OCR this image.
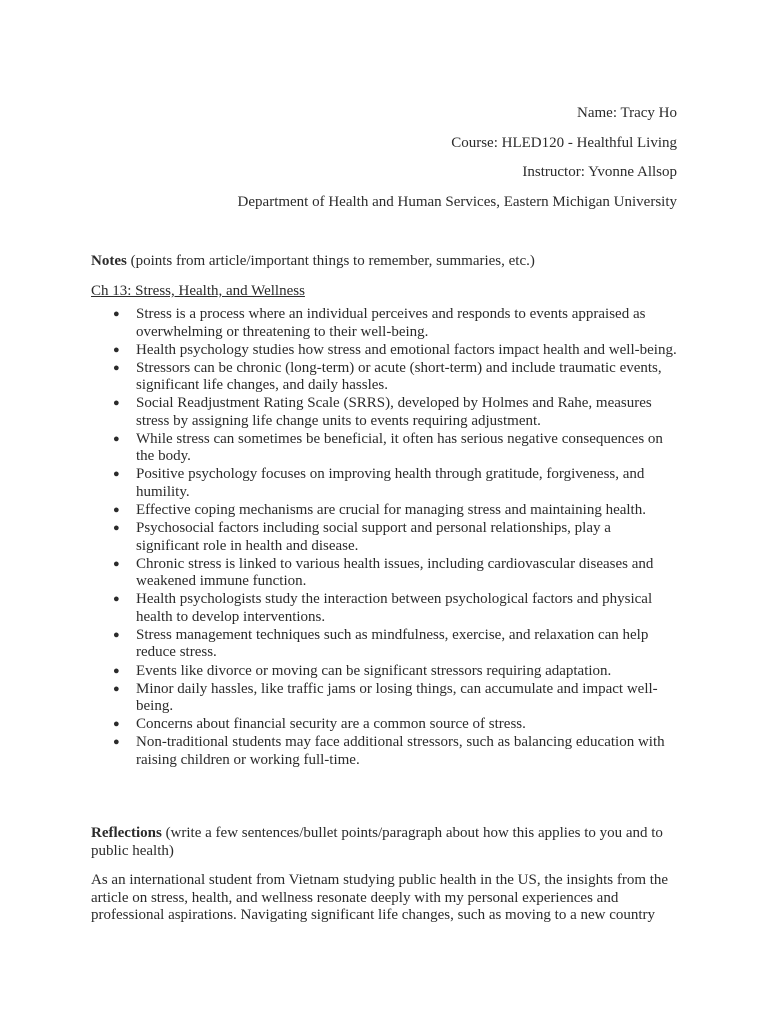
Name: Tracy Ho
Course: HLED120 - Healthful Living
Instructor: Yvonne Allsop
Department of Health and Human Services, Eastern Michigan University
Notes (points from article/important things to remember, summaries, etc.)
Ch 13: Stress, Health, and Wellness
● Stress is a process where an individual perceives and responds to events appraised as overwhelming or threatening to their well-being.
● Health psychology studies how stress and emotional factors impact health and well-being.
● Stressors can be chronic (long-term) or acute (short-term) and include traumatic events, significant life changes, and daily hassles.
● Social Readjustment Rating Scale (SRRS), developed by Holmes and Rahe, measures stress by assigning life change units to events requiring adjustment.
● While stress can sometimes be beneficial, it often has serious negative consequences on the body.
● Positive psychology focuses on improving health through gratitude, forgiveness, and humility.
● Effective coping mechanisms are crucial for managing stress and maintaining health.
● Psychosocial factors including social support and personal relationships, play a significant role in health and disease.
● Chronic stress is linked to various health issues, including cardiovascular diseases and weakened immune function.
● Health psychologists study the interaction between psychological factors and physical health to develop interventions.
● Stress management techniques such as mindfulness, exercise, and relaxation can help reduce stress.
● Events like divorce or moving can be significant stressors requiring adaptation.
● Minor daily hassles, like traffic jams or losing things, can accumulate and impact well-being.
● Concerns about financial security are a common source of stress.
● Non-traditional students may face additional stressors, such as balancing education with raising children or working full-time.
Reflections (write a few sentences/bullet points/paragraph about how this applies to you and to public health)
As an international student from Vietnam studying public health in the US, the insights from the article on stress, health, and wellness resonate deeply with my personal experiences and professional aspirations. Navigating significant life changes, such as moving to a new country
